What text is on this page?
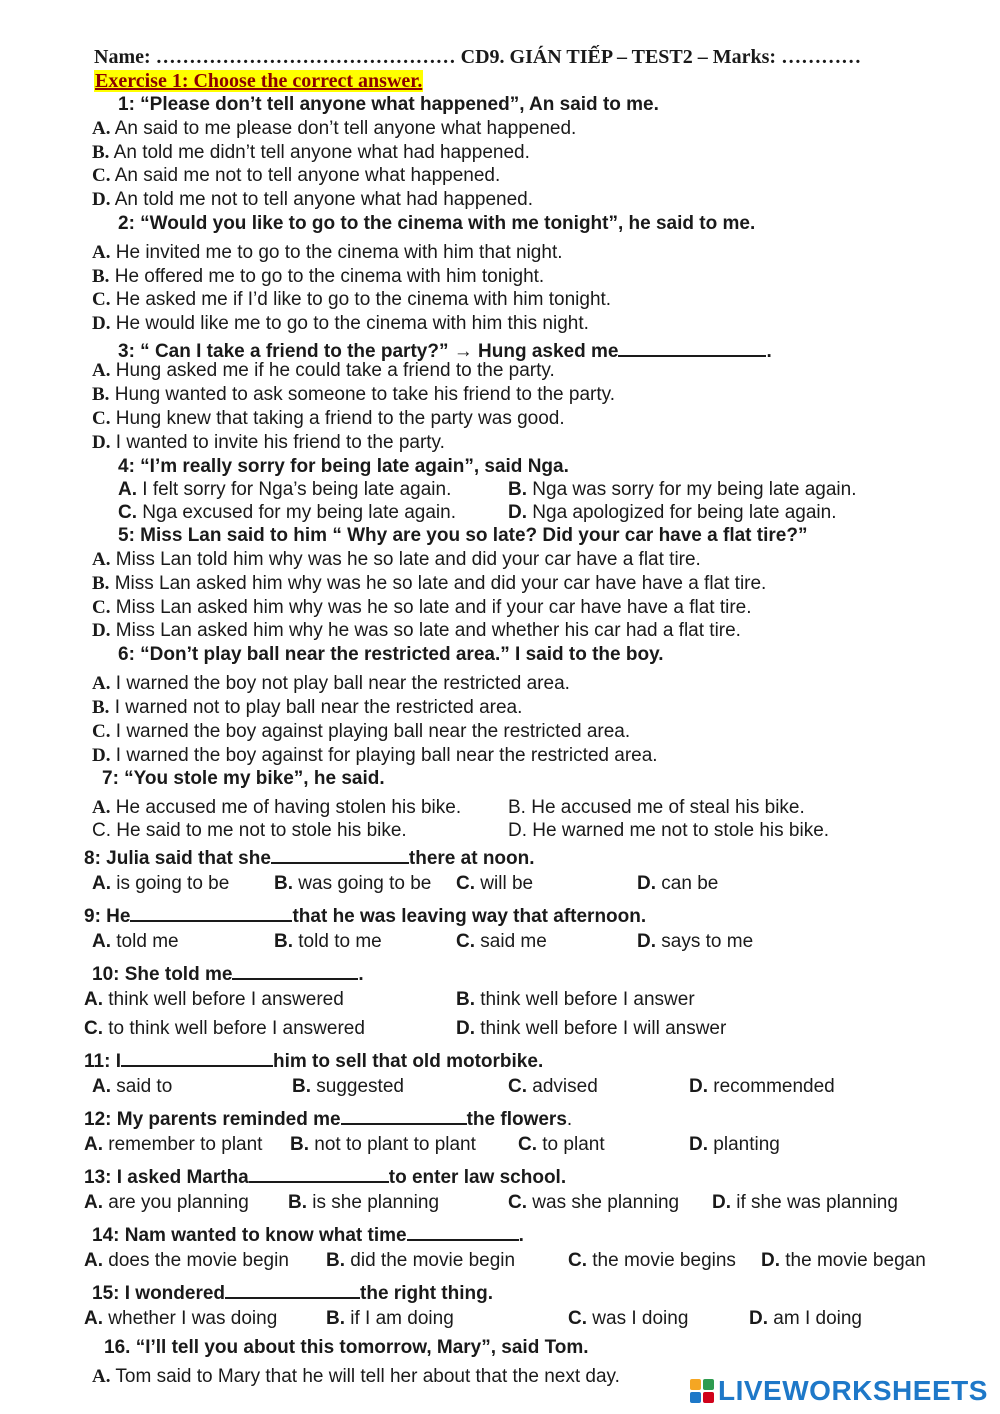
Name: ……………………………………… CD9. GIÁN TIẾP – TEST2 – Marks: …………
Exercise 1: Choose the correct answer.
1: “Please don’t tell anyone what happened”, An said to me.
A. An said to me please don’t tell anyone what happened.
B. An told me didn’t tell anyone what had happened.
C. An said me not to tell anyone what happened.
D. An told me not to tell anyone what had happened.
2: “Would you like to go to the cinema with me tonight”, he said to me.
A. He invited me to go to the cinema with him that night.
B. He offered me to go to the cinema with him tonight.
C. He asked me if I’d like to go to the cinema with him tonight.
D. He would like me to go to the cinema with him this night.
3: “ Can I take a friend to the party?” → Hung asked me	.
A. Hung asked me if he could take a friend to the party.
B. Hung wanted to ask someone to take his friend to the party.
C. Hung knew that taking a friend to the party was good.
D. I wanted to invite his friend to the party.
4: “I’m really sorry for being late again”, said Nga.
A. I felt sorry for Nga’s being late again.	B. Nga was sorry for my being late again.
C. Nga excused for my being late again.	D. Nga apologized for being late again.
5: Miss Lan said to him “ Why are you so late? Did your car have a flat tire?”
A. Miss Lan told him why was he so late and did your car have a flat tire.
B. Miss Lan asked him why was he so late and did your car have have a flat tire.
C. Miss Lan asked him why was he so late and if your car have have a flat tire.
D. Miss Lan asked him why he was so late and whether his car had a flat tire.
6: “Don’t play ball near the restricted area.” I said to the boy.
A. I warned the boy not play ball near the restricted area.
B. I warned not to play ball near the restricted area.
C. I warned the boy against playing ball near the restricted area.
D. I warned the boy against for playing ball near the restricted area.
7: “You stole my bike”, he said.
A. He accused me of having stolen his bike. B. He accused me of steal his bike.
C. He said to me not to stole his bike.	D. He warned me not to stole his bike.
8: Julia said that she	there at noon.
A. is going to be B. was going to be C. will be	D. can be
9: He	that he was leaving way that afternoon.
A. told me	B. told to me	C. said me	D. says to me
10: She told me	.
A. think well before I answered	B. think well before I answer
C. to think well before I answered	D. think well before I will answer
11: I	him to sell that old motorbike.
A. said to	B. suggested	C. advised	D. recommended
12: My parents reminded me	the flowers.
A. remember to plant B. not to plant to plant C. to plant	D. planting
13: I asked Martha	to enter law school.
A. are you planning B. is she planning	C. was she planning D. if she was planning
14: Nam wanted to know what time	.
A. does the movie begin B. did the movie begin	C. the movie begins D. the movie began
15: I wondered	the right thing.
A. whether I was doing	B. if I am doing	C. was I doing	D. am I doing
16. “I’ll tell you about this tomorrow, Mary”, said Tom.
A. Tom said to Mary that he will tell her about that the next day.	LIVEWORKSHEETS
